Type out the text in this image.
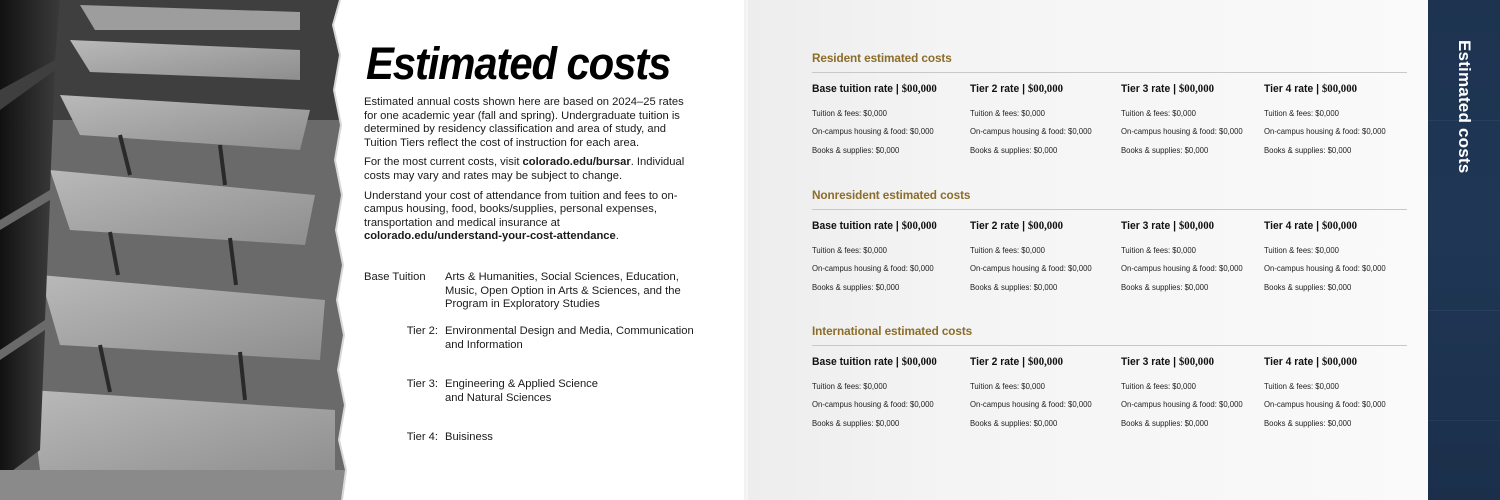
Estimated costs

Estimated annual costs shown here are based on 2024–25 rates for one academic year (fall and spring). Undergraduate tuition is determined by residency classification and area of study, and Tuition Tiers reflect the cost of instruction for each area.

For the most current costs, visit colorado.edu/bursar. Individual costs may vary and rates may be subject to change.

Understand your cost of attendance from tuition and fees to on-campus housing, food, books/supplies, personal expenses, transportation and medical insurance at colorado.edu/understand-your-cost-attendance.

Base Tuition	Arts & Humanities, Social Sciences, Education, Music, Open Option in Arts & Sciences, and the Program in Exploratory Studies
Tier 2: Environmental Design and Media, Communication and Information
Tier 3: Engineering & Applied Science and Natural Sciences
Tier 4: Buisiness
Resident estimated costs
Base tuition rate | $00,000
Tuition & fees: $0,000
On-campus housing & food: $0,000
Books & supplies: $0,000
Tier 2 rate | $00,000
Tuition & fees: $0,000
On-campus housing & food: $0,000
Books & supplies: $0,000
Tier 3 rate | $00,000
Tuition & fees: $0,000
On-campus housing & food: $0,000
Books & supplies: $0,000
Tier 4 rate | $00,000
Tuition & fees: $0,000
On-campus housing & food: $0,000
Books & supplies: $0,000
Nonresident estimated costs
Base tuition rate | $00,000
Tuition & fees: $0,000
On-campus housing & food: $0,000
Books & supplies: $0,000
Tier 2 rate | $00,000
Tuition & fees: $0,000
On-campus housing & food: $0,000
Books & supplies: $0,000
Tier 3 rate | $00,000
Tuition & fees: $0,000
On-campus housing & food: $0,000
Books & supplies: $0,000
Tier 4 rate | $00,000
Tuition & fees: $0,000
On-campus housing & food: $0,000
Books & supplies: $0,000
International estimated costs
Base tuition rate | $00,000
Tuition & fees: $0,000
On-campus housing & food: $0,000
Books & supplies: $0,000
Tier 2 rate | $00,000
Tuition & fees: $0,000
On-campus housing & food: $0,000
Books & supplies: $0,000
Tier 3 rate | $00,000
Tuition & fees: $0,000
On-campus housing & food: $0,000
Books & supplies: $0,000
Tier 4 rate | $00,000
Tuition & fees: $0,000
On-campus housing & food: $0,000
Books & supplies: $0,000
Estimated costs
